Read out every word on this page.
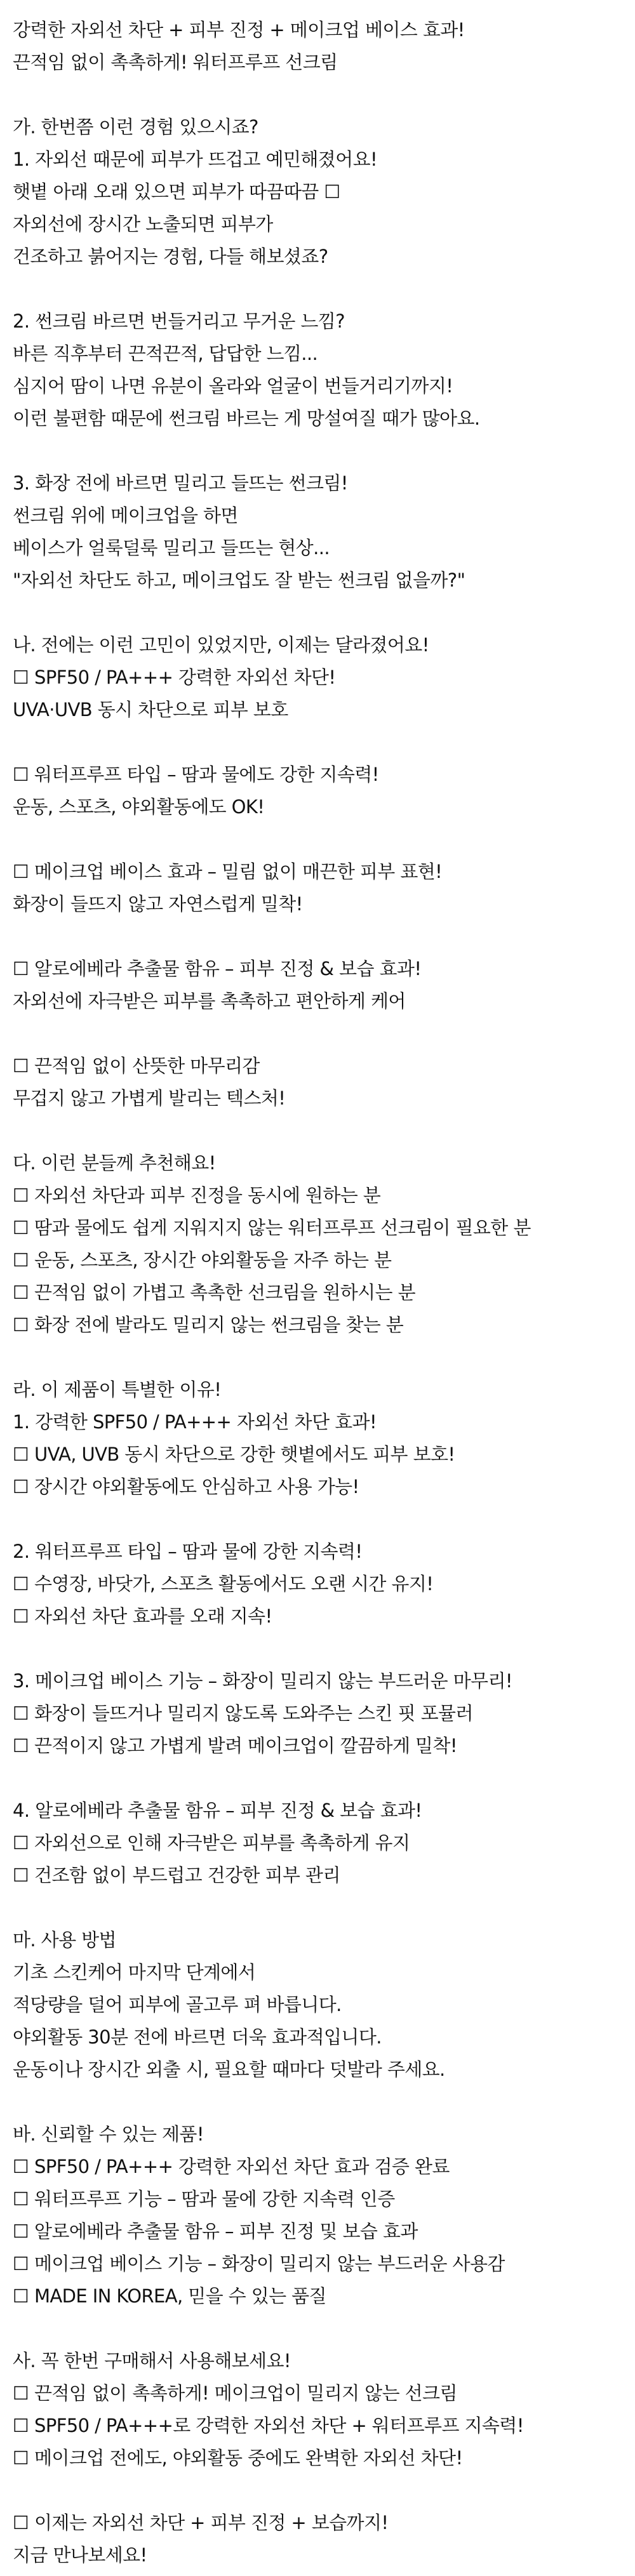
강력한 자외선 차단 + 피부 진정 + 메이크업 베이스 효과!
끈적임 없이 촉촉하게! 워터프루프 선크림
가. 한번쯤 이런 경험 있으시죠?
1. 자외선 때문에 피부가 뜨겁고 예민해졌어요!
햇볕 아래 오래 있으면 피부가 따끔따끔 ☐
자외선에 장시간 노출되면 피부가
건조하고 붉어지는 경험, 다들 해보셨죠?
2. 썬크림 바르면 번들거리고 무거운 느낌?
바른 직후부터 끈적끈적, 답답한 느낌...
심지어 땀이 나면 유분이 올라와 얼굴이 번들거리기까지!
이런 불편함 때문에 썬크림 바르는 게 망설여질 때가 많아요.
3. 화장 전에 바르면 밀리고 들뜨는 썬크림!
썬크림 위에 메이크업을 하면
베이스가 얼룩덜룩 밀리고 들뜨는 현상...
"자외선 차단도 하고, 메이크업도 잘 받는 썬크림 없을까?"
나. 전에는 이런 고민이 있었지만, 이제는 달라졌어요!
☐ SPF50 / PA+++ 강력한 자외선 차단!
UVA·UVB 동시 차단으로 피부 보호
☐ 워터프루프 타입 – 땀과 물에도 강한 지속력!
운동, 스포츠, 야외활동에도 OK!
☐ 메이크업 베이스 효과 – 밀림 없이 매끈한 피부 표현!
화장이 들뜨지 않고 자연스럽게 밀착!
☐ 알로에베라 추출물 함유 – 피부 진정 & 보습 효과!
자외선에 자극받은 피부를 촉촉하고 편안하게 케어
☐ 끈적임 없이 산뜻한 마무리감
무겁지 않고 가볍게 발리는 텍스처!
다. 이런 분들께 추천해요!
☐ 자외선 차단과 피부 진정을 동시에 원하는 분
☐ 땀과 물에도 쉽게 지워지지 않는 워터프루프 선크림이 필요한 분
☐ 운동, 스포츠, 장시간 야외활동을 자주 하는 분
☐ 끈적임 없이 가볍고 촉촉한 선크림을 원하시는 분
☐ 화장 전에 발라도 밀리지 않는 썬크림을 찾는 분
라. 이 제품이 특별한 이유!
1. 강력한 SPF50 / PA+++ 자외선 차단 효과!
☐ UVA, UVB 동시 차단으로 강한 햇볕에서도 피부 보호!
☐ 장시간 야외활동에도 안심하고 사용 가능!
2. 워터프루프 타입 – 땀과 물에 강한 지속력!
☐ 수영장, 바닷가, 스포츠 활동에서도 오랜 시간 유지!
☐ 자외선 차단 효과를 오래 지속!
3. 메이크업 베이스 기능 – 화장이 밀리지 않는 부드러운 마무리!
☐ 화장이 들뜨거나 밀리지 않도록 도와주는 스킨 핏 포뮬러
☐ 끈적이지 않고 가볍게 발려 메이크업이 깔끔하게 밀착!
4. 알로에베라 추출물 함유 – 피부 진정 & 보습 효과!
☐ 자외선으로 인해 자극받은 피부를 촉촉하게 유지
☐ 건조함 없이 부드럽고 건강한 피부 관리
마. 사용 방법
기초 스킨케어 마지막 단계에서
적당량을 덜어 피부에 골고루 펴 바릅니다.
야외활동 30분 전에 바르면 더욱 효과적입니다.
운동이나 장시간 외출 시, 필요할 때마다 덧발라 주세요.
바. 신뢰할 수 있는 제품!
☐ SPF50 / PA+++ 강력한 자외선 차단 효과 검증 완료
☐ 워터프루프 기능 – 땀과 물에 강한 지속력 인증
☐ 알로에베라 추출물 함유 – 피부 진정 및 보습 효과
☐ 메이크업 베이스 기능 – 화장이 밀리지 않는 부드러운 사용감
☐ MADE IN KOREA, 믿을 수 있는 품질
사. 꼭 한번 구매해서 사용해보세요!
☐ 끈적임 없이 촉촉하게! 메이크업이 밀리지 않는 선크림
☐ SPF50 / PA+++로 강력한 자외선 차단 + 워터프루프 지속력!
☐ 메이크업 전에도, 야외활동 중에도 완벽한 자외선 차단!
☐ 이제는 자외선 차단 + 피부 진정 + 보습까지!
지금 만나보세요!
